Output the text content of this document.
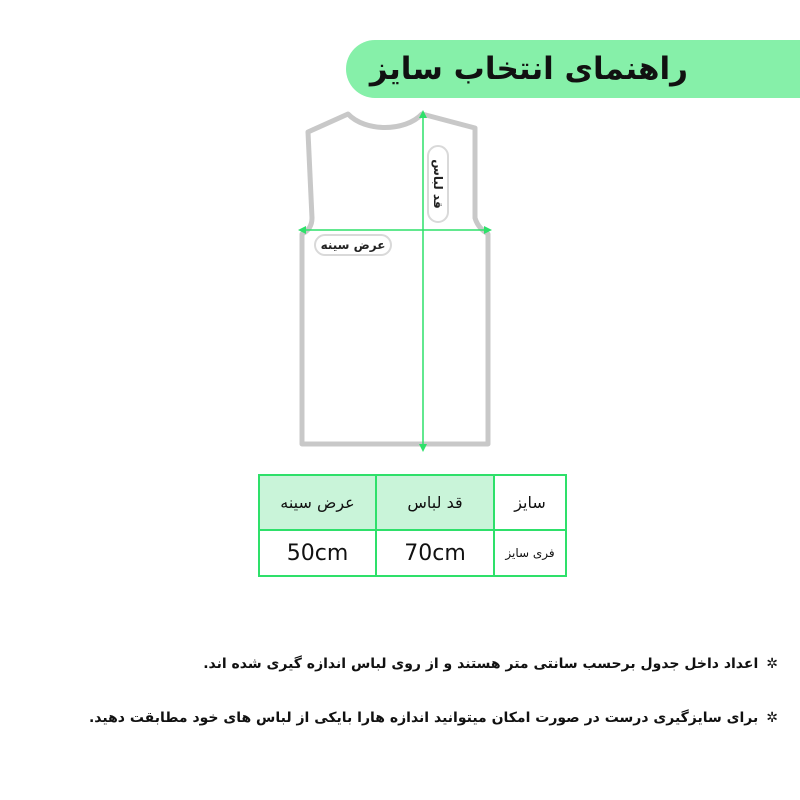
راهنمای انتخاب سایز
قد لباس
عرض سینه
سایز	قد لباس	عرض سینه
فری سایز	70cm	50cm
✲اعداد داخل جدول برحسب سانتی متر هستند و از روی لباس اندازه گیری شده اند.
✲برای سایزگیری درست در صورت امکان میتوانید اندازه هارا بایکی از لباس های خود مطابقت دهید.
